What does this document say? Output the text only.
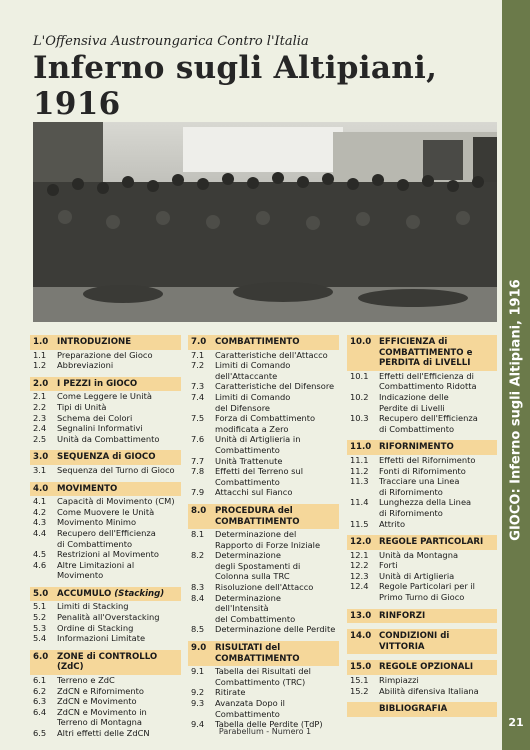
L'Offensiva Austroungarica Contro l'Italia
Inferno sugli Altipiani, 1916
1.0	INTRODUZIONE
1.1	Preparazione del Gioco
1.2	Abbreviazioni
2.0	I PEZZI in GIOCO
2.1	Come Leggere le Unità
2.2	Tipi di Unità
2.3	Schema dei Colori
2.4	Segnalini Informativi
2.5	Unità da Combattimento
3.0	SEQUENZA di GIOCO
3.1	Sequenza del Turno di Gioco
4.0	MOVIMENTO
4.1	Capacità di Movimento (CM)
4.2	Come Muovere le Unità
4.3	Movimento Minimo
4.4	Recupero dell'Efficienza
di Combattimento
4.5	Restrizioni al Movimento
4.6	Altre Limitazioni al Movimento
5.0	ACCUMULO (Stacking)
5.1	Limiti di Stacking
5.2	Penalità all'Overstacking
5.3	Ordine di Stacking
5.4	Informazioni Limitate
6.0	ZONE di CONTROLLO (ZdC)
6.1	Terreno e ZdC
6.2	ZdCN e Rifornimento
6.3	ZdCN e Movimento
6.4	ZdCN e Movimento in
Terreno di Montagna
6.5	Altri effetti delle ZdCN
7.0	COMBATTIMENTO
7.1	Caratteristiche dell'Attacco
7.2	Limiti di Comando
dell'Attaccante
7.3	Caratteristiche del Difensore
7.4	Limiti di Comando
del Difensore
7.5	Forza di Combattimento
modificata a Zero
7.6	Unità di Artiglieria in
Combattimento
7.7	Unità Trattenute
7.8	Effetti del Terreno sul
Combattimento
7.9	Attacchi sul Fianco
8.0	PROCEDURA del COMBATTIMENTO
8.1	Determinazione del
Rapporto di Forze Iniziale
8.2	Determinazione
degli Spostamenti di
Colonna sulla TRC
8.3	Risoluzione dell'Attacco
8.4	Determinazione dell'Intensità
del Combattimento
8.5	Determinazione delle Perdite
9.0	RISULTATI del COMBATTIMENTO
9.1	Tabella dei Risultati del
Combattimento (TRC)
9.2	Ritirate
9.3	Avanzata Dopo il
Combattimento
9.4	Tabella delle Perdite (TdP)
10.0 EFFICIENZA di COMBATTIMENTO e PERDITA di LIVELLI
10.1	Effetti dell'Efficienza di
Combattimento Ridotta
10.2	Indicazione delle
Perdite di Livelli
10.3	Recupero dell'Efficienza
di Combattimento
11.0 RIFORNIMENTO
11.1	Effetti del Rifornimento
11.2	Fonti di Rifornimento
11.3	Tracciare una Linea
di Rifornimento
11.4	Lunghezza della Linea
di Rifornimento
11.5	Attrito
12.0 REGOLE PARTICOLARI
12.1	Unità da Montagna
12.2	Forti
12.3	Unità di Artiglieria
12.4	Regole Particolari per il
Primo Turno di Gioco
13.0 RINFORZI
14.0 CONDIZIONI di VITTORIA
15.0 REGOLE OPZIONALI
15.1	Rimpiazzi
15.2	Abilità difensiva Italiana
BIBLIOGRAFIA
Parabellum - Numero 1
GIOCO: Inferno sugli Altipiani, 1916
21
